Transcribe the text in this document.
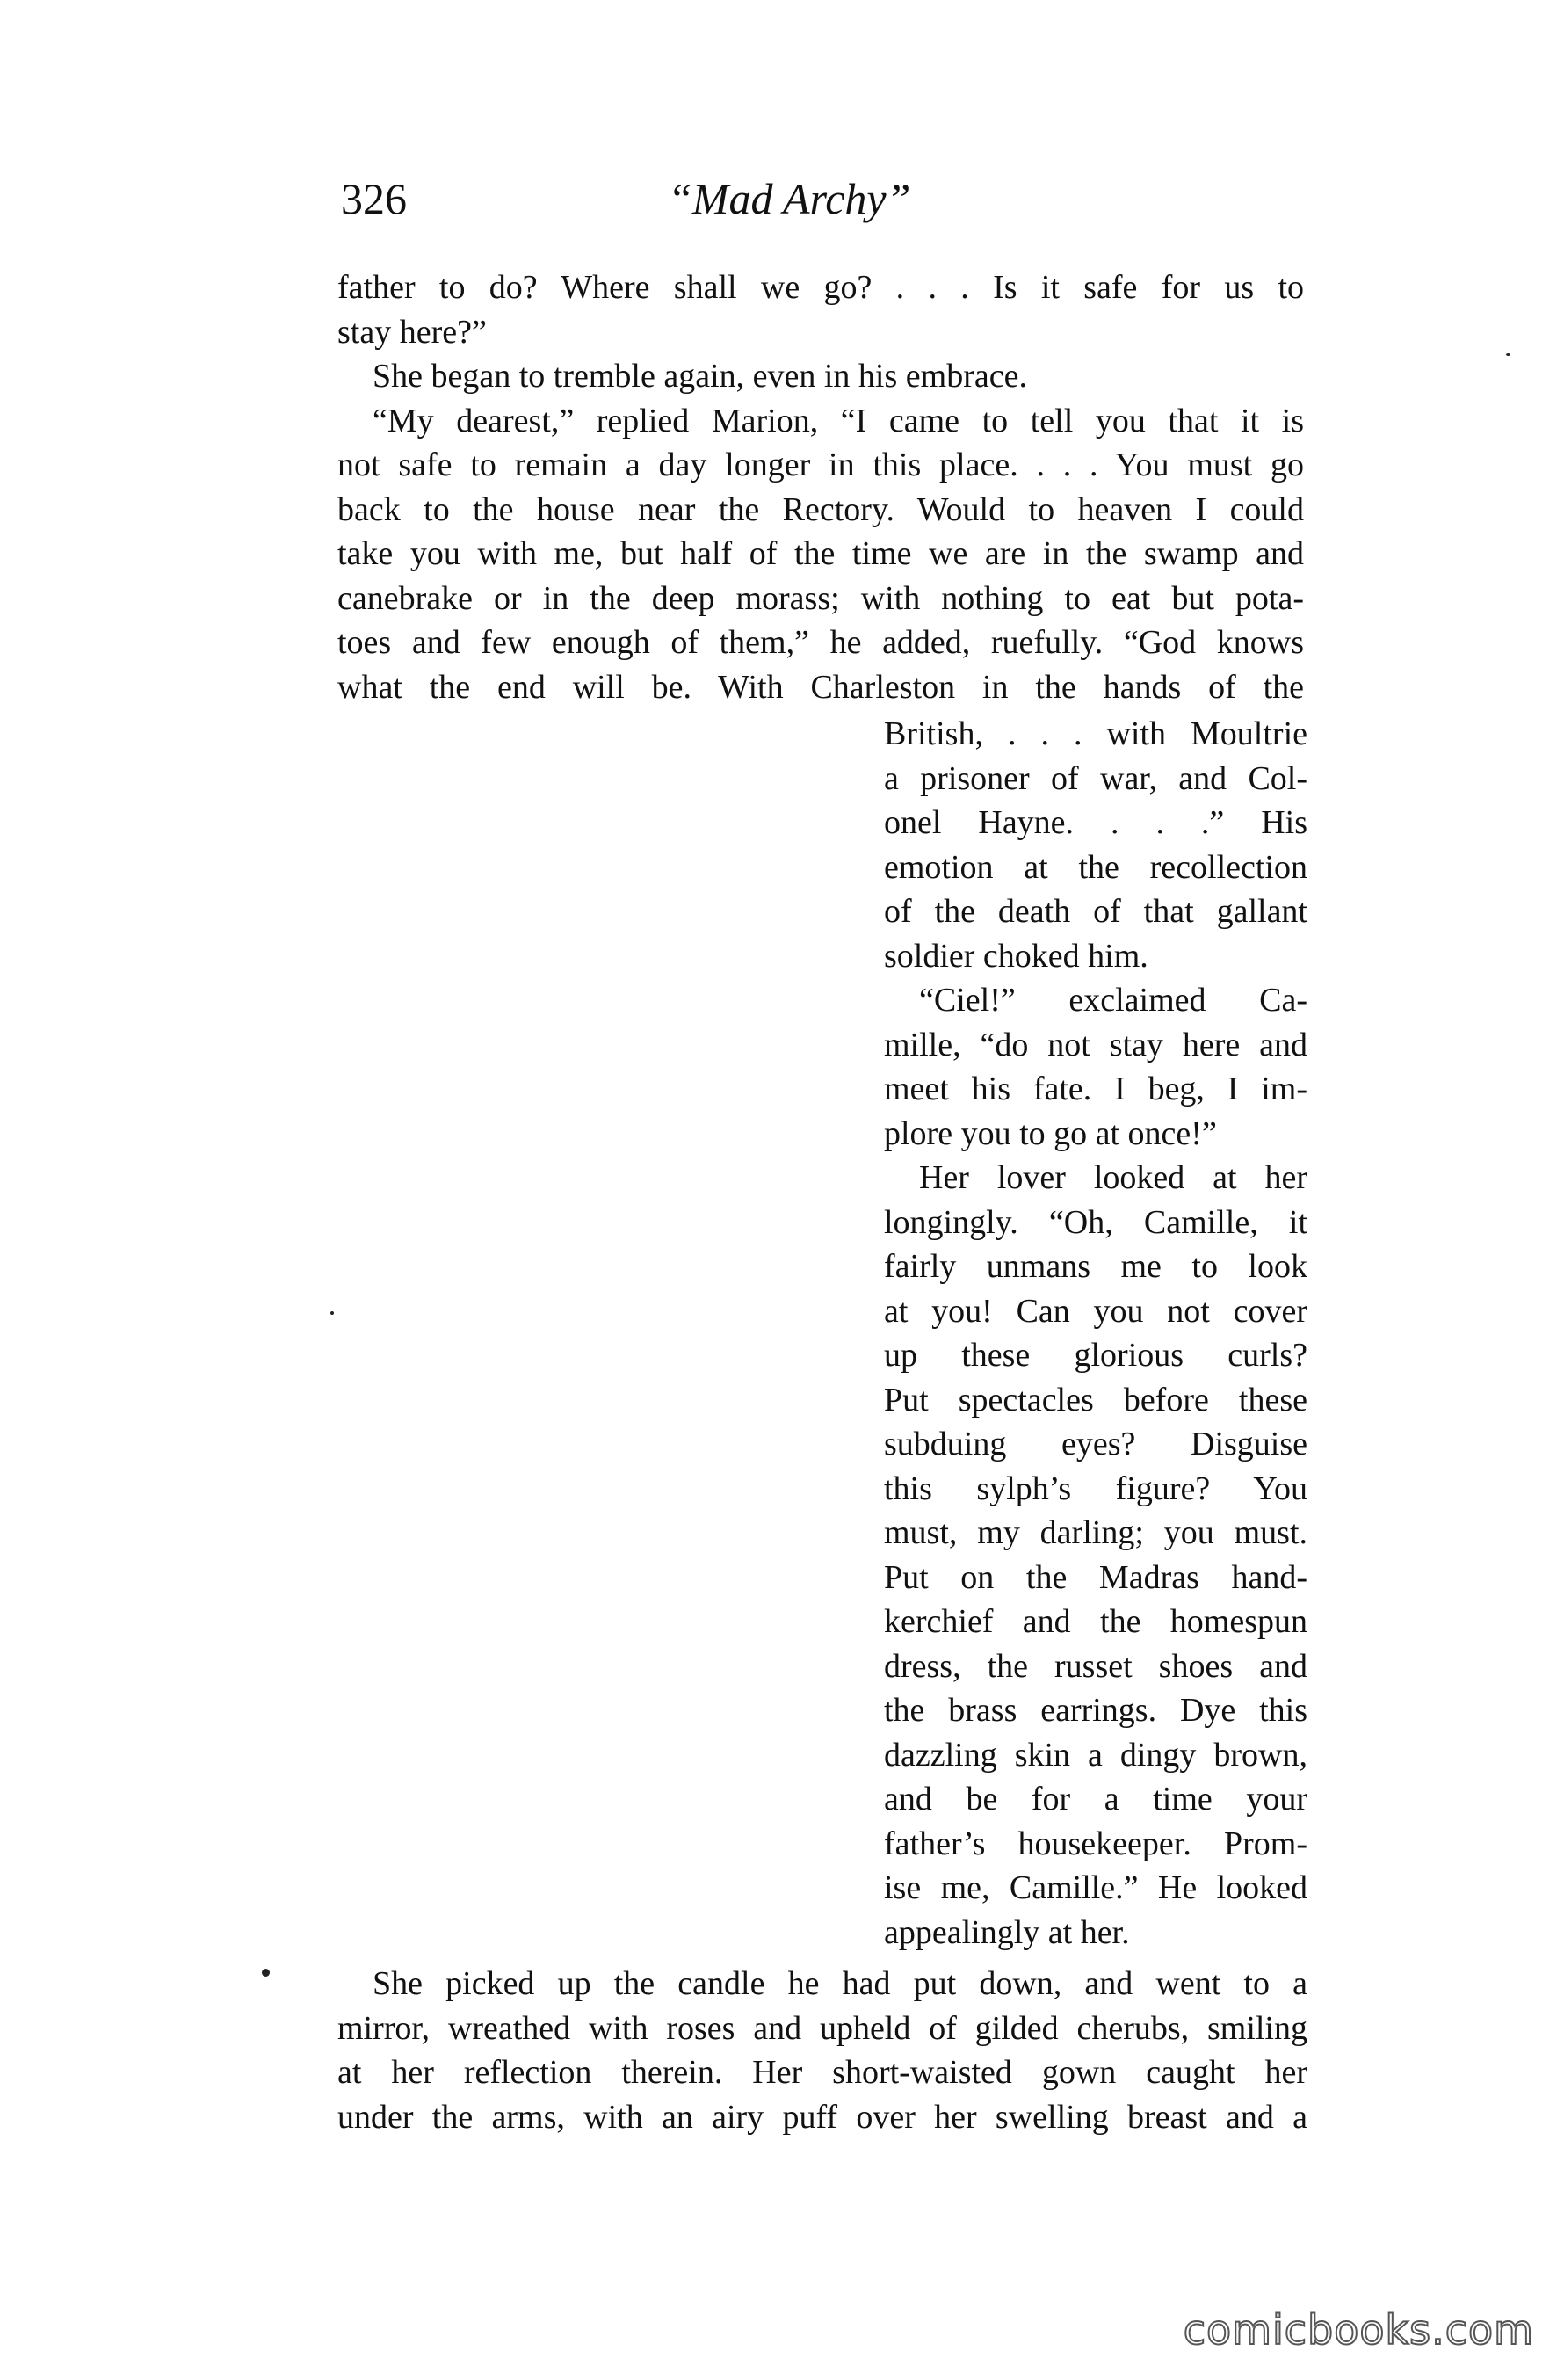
326	“Mad Archy”
father to do? Where shall we go? . . . Is it safe for us to
stay here?”
She began to tremble again, even in his embrace.
“My dearest,” replied Marion, “I came to tell you that it is
not safe to remain a day longer in this place. . . . You must go
back to the house near the Rectory. Would to heaven I could
take you with me, but half of the time we are in the swamp and
canebrake or in the deep morass; with nothing to eat but pota-
toes and few enough of them,” he added, ruefully. “God knows
what the end will be. With Charleston in the hands of the
British, . . . with Moultrie
a prisoner of war, and Col-
onel Hayne. . . .” His
emotion at the recollection
of the death of that gallant
soldier choked him.
“Ciel!” exclaimed Ca-
mille, “do not stay here and
meet his fate. I beg, I im-
plore you to go at once!”
Her lover looked at her
longingly. “Oh, Camille, it
fairly unmans me to look
at you! Can you not cover
up these glorious curls?
Put spectacles before these
subduing eyes? Disguise
this sylph’s figure? You
must, my darling; you must.
Put on the Madras hand-
kerchief and the homespun
dress, the russet shoes and
the brass earrings. Dye this
dazzling skin a dingy brown,
and be for a time your
father’s housekeeper. Prom-
ise me, Camille.” He looked
appealingly at her.
She picked up the candle he had put down, and went to a
mirror, wreathed with roses and upheld of gilded cherubs, smiling
at her reflection therein. Her short-waisted gown caught her
under the arms, with an airy puff over her swelling breast and a
comicbooks.com
